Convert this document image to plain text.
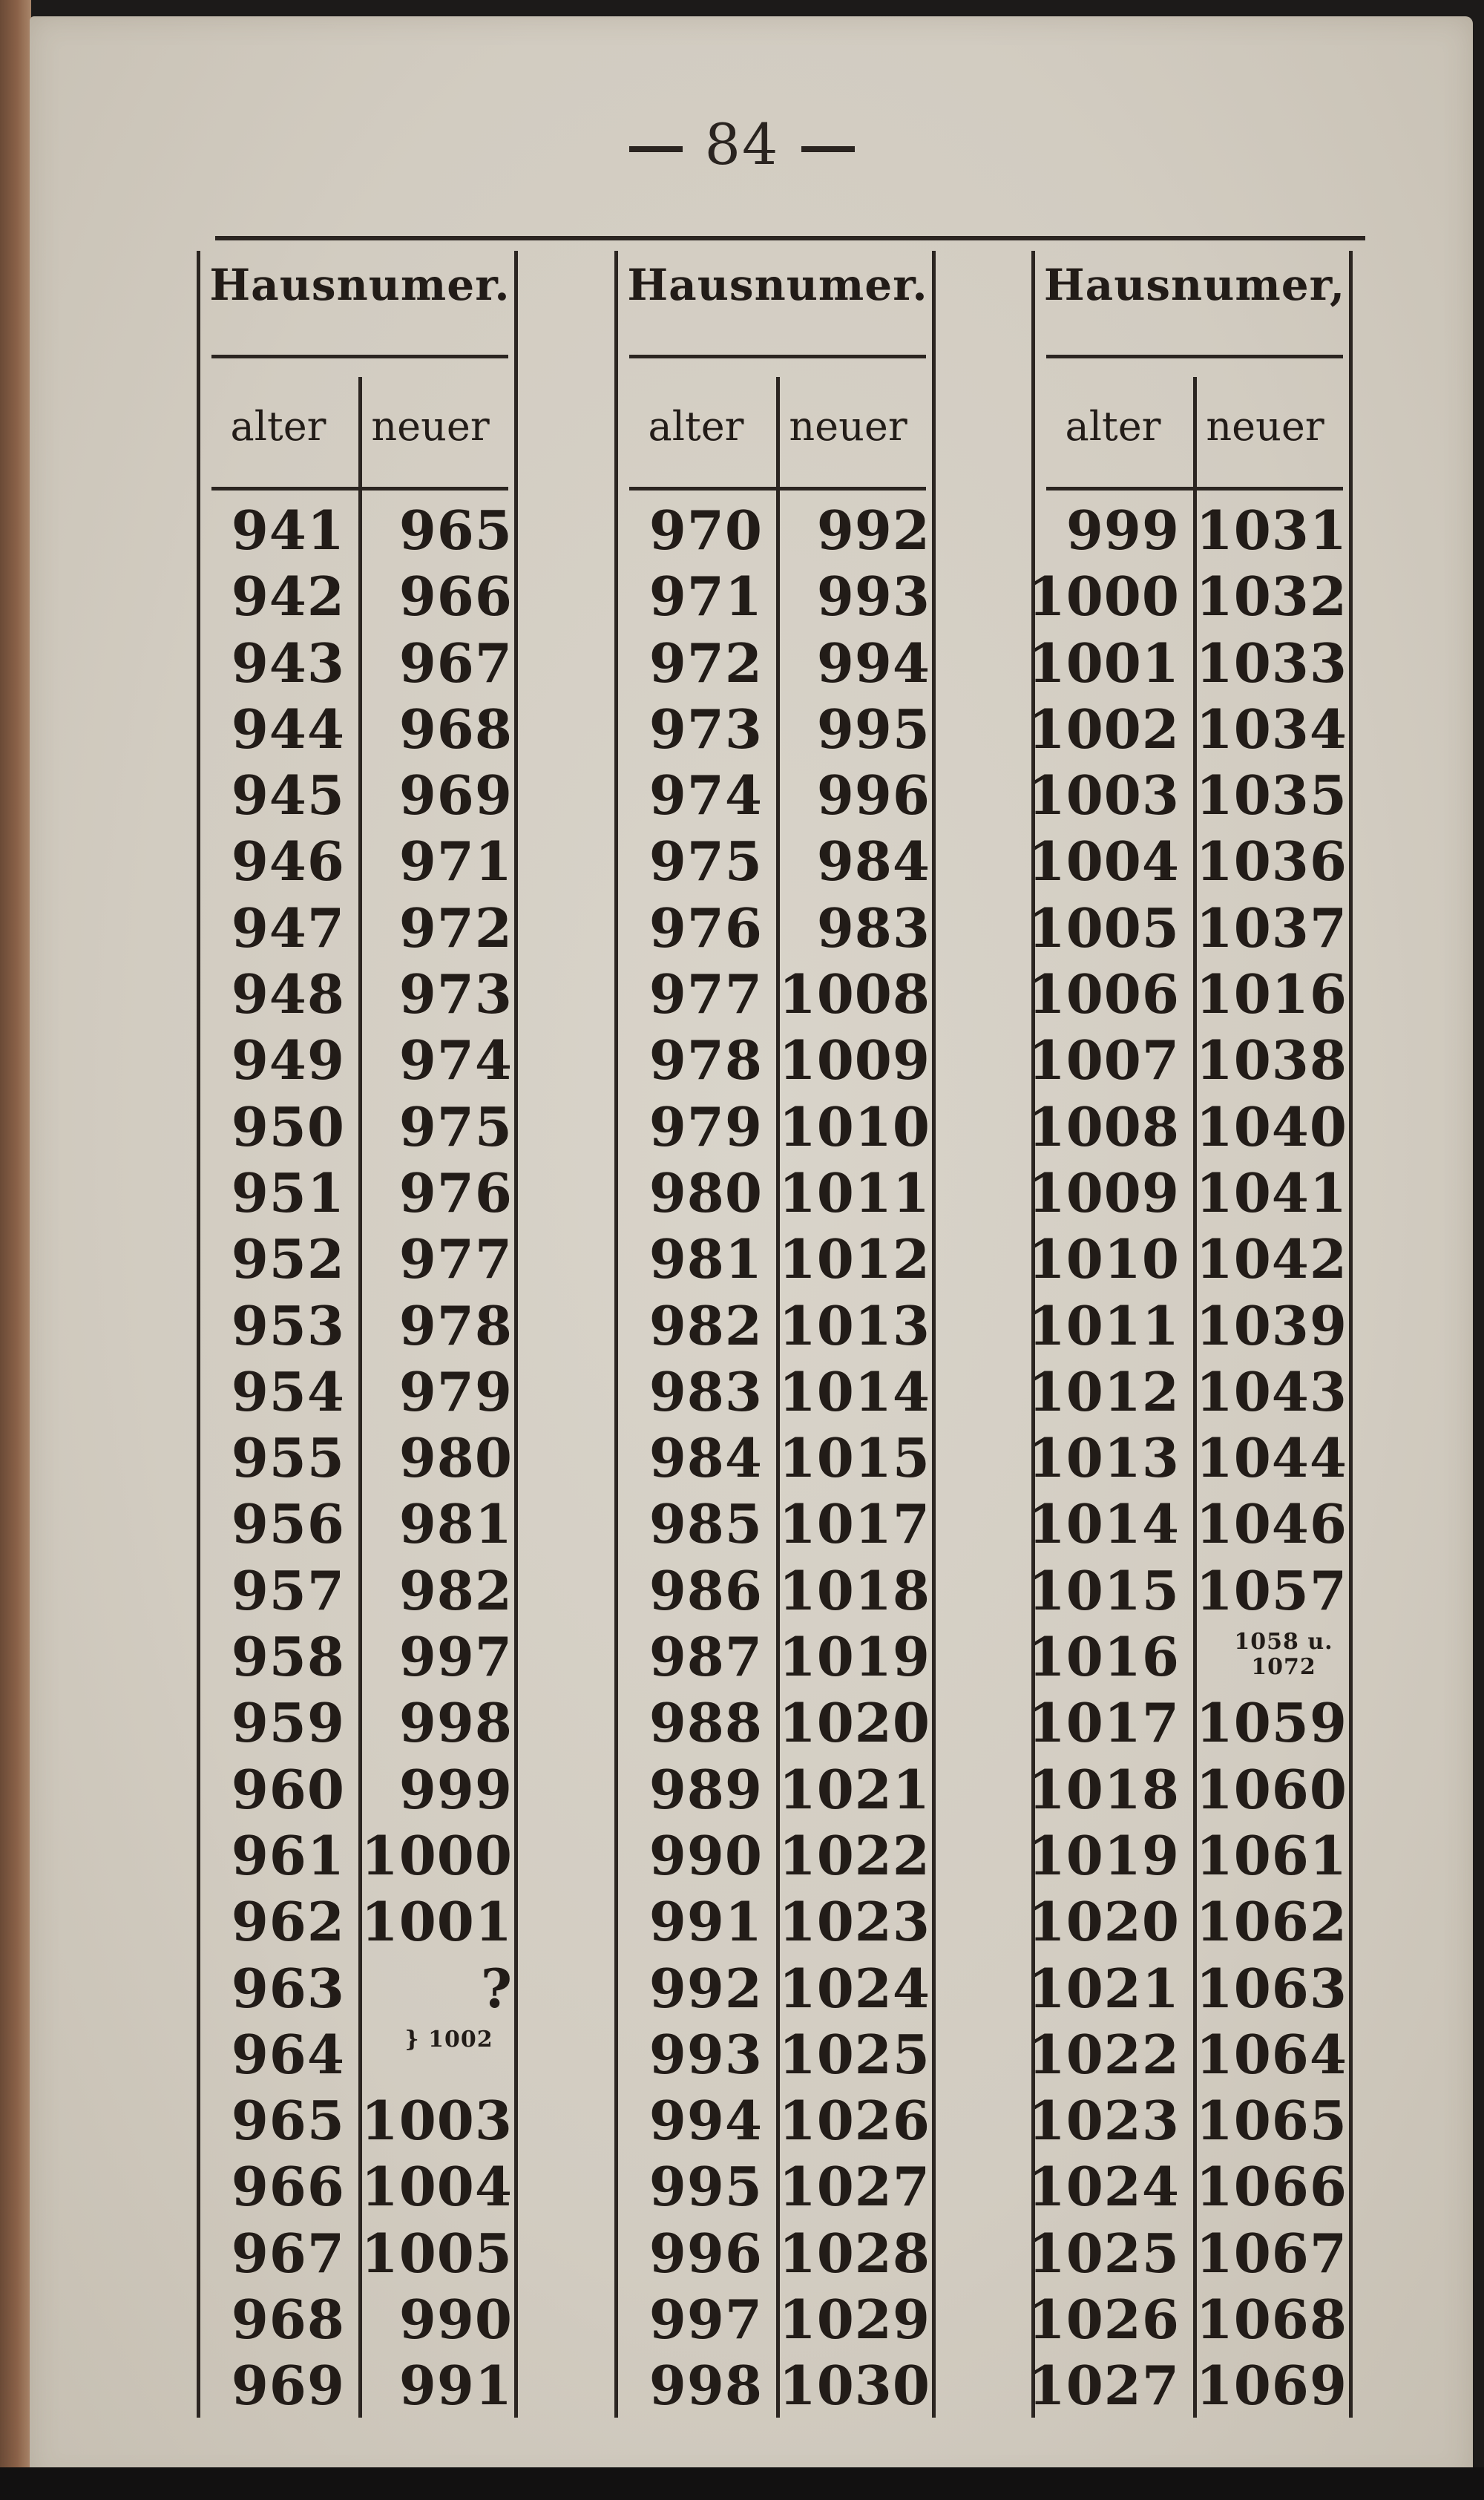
84
Hausnumer.
alter	neuer
941 965
942 966
943 967
944 968
945 969
946 971
947 972
948 973
949 974
950 975
951 976
952 977
953 978
954 979
955 980
956 981
957 982
958 997
959 998
960 999
961 1000
962 1001
963	?
964	} 1002
965 1003
966 1004
967 1005
968 990
969 991
Hausnumer.
alter	neuer
970 992
971 993
972 994
973 995
974 996
975 984
976 983
977 1008
978 1009
979 1010
980 1011
981 1012
982 1013
983 1014
984 1015
985 1017
986 1018
987 1019
988 1020
989 1021
990 1022
991 1023
992 1024
993 1025
994 1026
995 1027
996 1028
997 1029
998 1030
Hausnumer,
alter	neuer
999 1031
1000 1032
1001 1033
1002 1034
1003 1035
1004 1036
1005 1037
1006 1016
1007 1038
1008 1040
1009 1041
1010 1042
1011 1039
1012 1043
1013 1044
1014 1046
1015 1057
1016 1058 u. 1072
1017 1059
1018 1060
1019 1061
1020 1062
1021 1063
1022 1064
1023 1065
1024 1066
1025 1067
1026 1068
1027 1069
